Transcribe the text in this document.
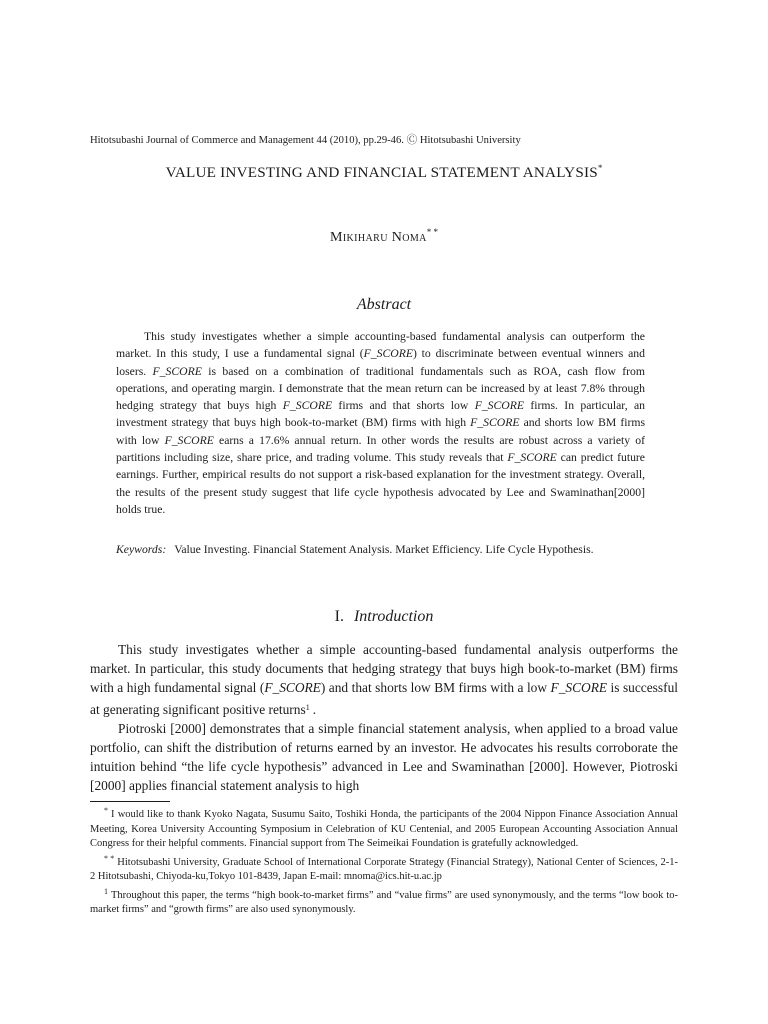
Hitotsubashi Journal of Commerce and Management 44 (2010), pp.29-46. Ⓒ Hitotsubashi University
VALUE INVESTING AND FINANCIAL STATEMENT ANALYSIS*
Mikiharu Noma* *
Abstract

This study investigates whether a simple accounting-based fundamental analysis can outperform the market. In this study, I use a fundamental signal (F_SCORE) to discriminate between eventual winners and losers. F_SCORE is based on a combination of traditional fundamentals such as ROA, cash flow from operations, and operating margin. I demonstrate that the mean return can be increased by at least 7.8% through hedging strategy that buys high F_SCORE firms and that shorts low F_SCORE firms. In particular, an investment strategy that buys high book-to-market (BM) firms with high F_SCORE and shorts low BM firms with low F_SCORE earns a 17.6% annual return. In other words the results are robust across a variety of partitions including size, share price, and trading volume. This study reveals that F_SCORE can predict future earnings. Further, empirical results do not support a risk-based explanation for the investment strategy. Overall, the results of the present study suggest that life cycle hypothesis advocated by Lee and Swaminathan[2000] holds true.

Keywords: Value Investing. Financial Statement Analysis. Market Efficiency. Life Cycle Hypothesis.
I. Introduction

This study investigates whether a simple accounting-based fundamental analysis outperforms the market. In particular, this study documents that hedging strategy that buys high book-to-market (BM) firms with a high fundamental signal (F_SCORE) and that shorts low BM firms with a low F_SCORE is successful at generating significant positive returns$^1$ .

Piotroski [2000] demonstrates that a simple financial statement analysis, when applied to a broad value portfolio, can shift the distribution of returns earned by an investor. He advocates his results corroborate the intuition behind “the life cycle hypothesis” advanced in Lee and Swaminathan [2000]. However, Piotroski [2000] applies financial statement analysis to high

* I would like to thank Kyoko Nagata, Susumu Saito, Toshiki Honda, the participants of the 2004 Nippon Finance Association Annual Meeting, Korea University Accounting Symposium in Celebration of KU Centenial, and 2005 European Accounting Association Annual Congress for their helpful comments. Financial support from The Seimeikai Foundation is gratefully acknowledged.

* * Hitotsubashi University, Graduate School of International Corporate Strategy (Financial Strategy), National Center of Sciences, 2-1-2 Hitotsubashi, Chiyoda-ku,Tokyo 101-8439, Japan E-mail: mnoma@ics.hit-u.ac.jp

$^1$ Throughout this paper, the terms “high book-to-market firms” and “value firms” are used synonymously, and the terms “low book to-market firms” and “growth firms” are also used synonymously.
